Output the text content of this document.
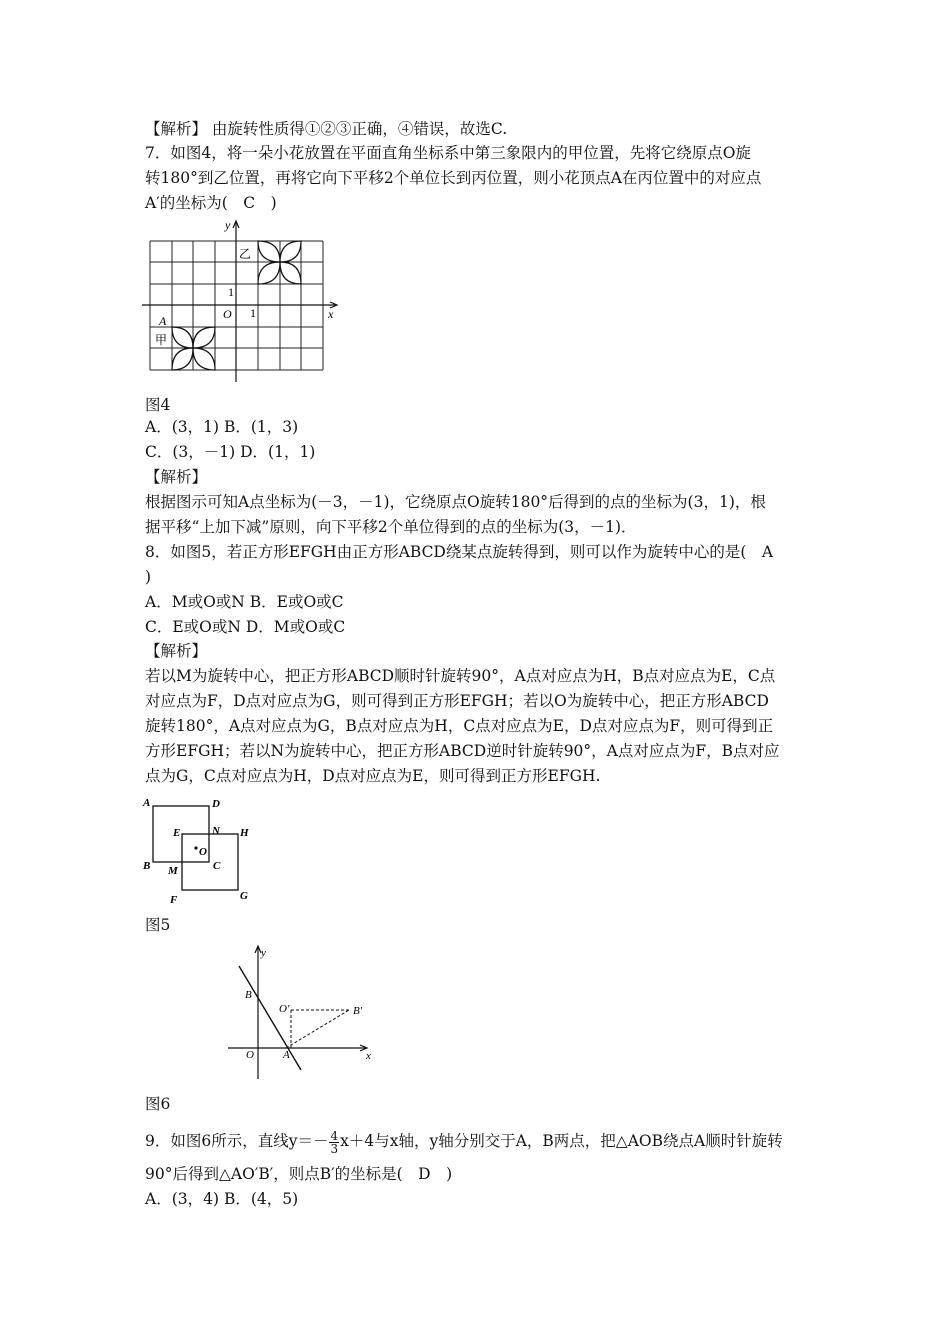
【解析】 由旋转性质得①②③正确，④错误，故选C.
7．如图4，将一朵小花放置在平面直角坐标系中第三象限内的甲位置，先将它绕原点O旋
转180°到乙位置，再将它向下平移2个单位长到丙位置，则小花顶点A在丙位置中的对应点
A′的坐标为(　C　)
y
x
乙
甲
A	O
1
1
图4
A．(3，1) B．(1，3)
C．(3，－1) D．(1，1)
【解析】
根据图示可知A点坐标为(－3，－1)，它绕原点O旋转180°后得到的点的坐标为(3，1)，根
据平移“上加下减”原则，向下平移2个单位得到的点的坐标为(3，－1)．
8．如图5，若正方形EFGH由正方形ABCD绕某点旋转得到，则可以作为旋转中心的是(　A
)
A．M或O或N B．E或O或C
C．E或O或N D．M或O或C
【解析】
若以M为旋转中心，把正方形ABCD顺时针旋转90°，A点对应点为H，B点对应点为E，C点
对应点为F，D点对应点为G，则可得到正方形EFGH；若以O为旋转中心，把正方形ABCD
旋转180°，A点对应点为G，B点对应点为H，C点对应点为E，D点对应点为F，则可得到正
方形EFGH；若以N为旋转中心，把正方形ABCD逆时针旋转90°，A点对应点为F，B点对应
点为G，C点对应点为H，D点对应点为E，则可得到正方形EFGH.
A	D
E	N H
O
C
B M
F	G
图5
y
B
O′	B′
O	A	x
图6
9．如图6所示，直线$y=- \frac{4}{3} x+4$与x轴，y轴分别交于A，B两点，把△AOB绕点A顺时针旋转
90°后得到△AO′B′，则点B′的坐标是(　D　)
A．(3，4) B．(4，5)
